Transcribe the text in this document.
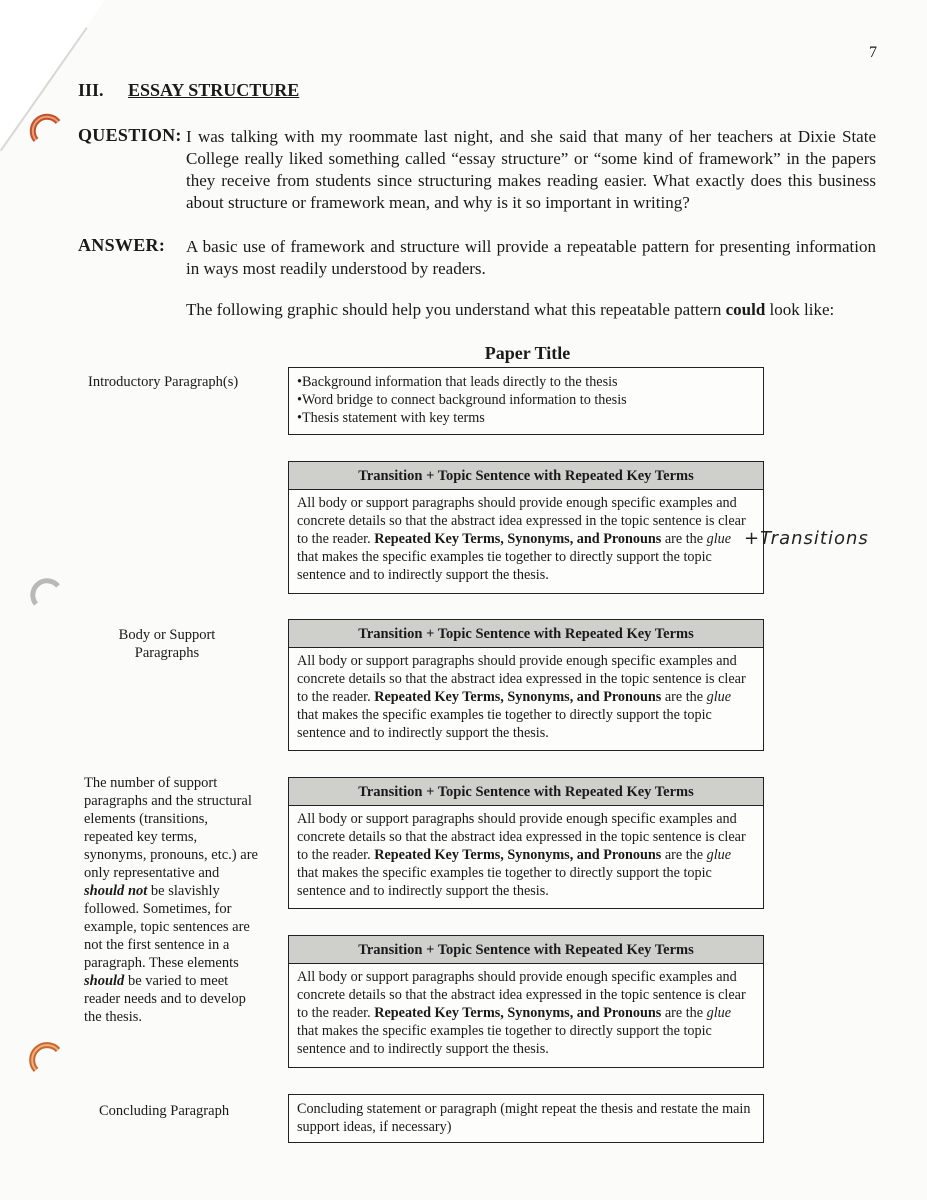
7
III. ESSAY STRUCTURE
QUESTION: I was talking with my roommate last night, and she said that many of her teachers at Dixie State College really liked something called “essay structure” or “some kind of framework” in the papers they receive from students since structuring makes reading easier. What exactly does this business about structure or framework mean, and why is it so important in writing?
ANSWER: A basic use of framework and structure will provide a repeatable pattern for presenting information in ways most readily understood by readers.
The following graphic should help you understand what this repeatable pattern could look like:
Paper Title
Introductory Paragraph(s)
•	Background information that leads directly to the thesis
• Word bridge to connect background information to thesis
• Thesis statement with key terms
Transition + Topic Sentence with Repeated Key Terms
All body or support paragraphs should provide enough specific examples and concrete details so that the abstract idea expressed in the topic sentence is clear to the reader. Repeated Key Terms, Synonyms, and Pronouns are the glue that makes the specific examples tie together to directly support the topic sentence and to indirectly support the thesis.
+Transitions
Body or Support Paragraphs
Transition + Topic Sentence with Repeated Key Terms
All body or support paragraphs should provide enough specific examples and concrete details so that the abstract idea expressed in the topic sentence is clear to the reader. Repeated Key Terms, Synonyms, and Pronouns are the glue that makes the specific examples tie together to directly support the topic sentence and to indirectly support the thesis.
Transition + Topic Sentence with Repeated Key Terms
All body or support paragraphs should provide enough specific examples and concrete details so that the abstract idea expressed in the topic sentence is clear to the reader. Repeated Key Terms, Synonyms, and Pronouns are the glue that makes the specific examples tie together to directly support the topic sentence and to indirectly support the thesis.
Transition + Topic Sentence with Repeated Key Terms
All body or support paragraphs should provide enough specific examples and concrete details so that the abstract idea expressed in the topic sentence is clear to the reader. Repeated Key Terms, Synonyms, and Pronouns are the glue that makes the specific examples tie together to directly support the topic sentence and to indirectly support the thesis.
The number of support paragraphs and the structural elements (transitions, repeated key terms, synonyms, pronouns, etc.) are only representative and should not be slavishly followed. Sometimes, for example, topic sentences are not the first sentence in a paragraph. These elements should be varied to meet reader needs and to develop the thesis.
Concluding Paragraph	Concluding statement or paragraph (might repeat the thesis and restate the main support ideas, if necessary)
